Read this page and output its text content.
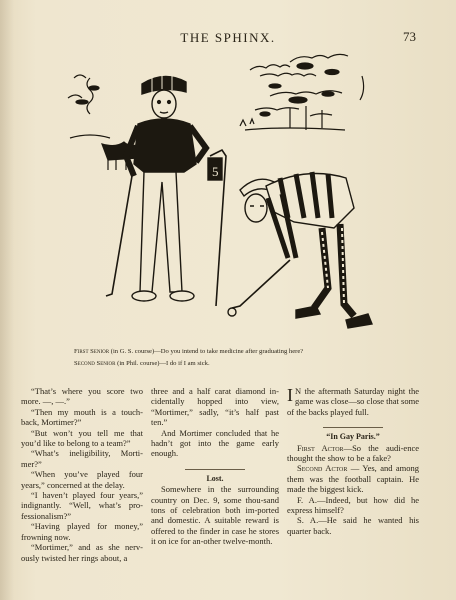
THE SPHINX.	73
5
First Senior (in G. S. course)—Do you intend to take medicine after graduating here?
Second Senior (in Phil. course)—I do if I am sick.

“That’s where you score two more. —, —.”

“Then my mouth is a touch-back, Mortimer?”

“But won’t you tell me that you’d like to belong to a team?”

“What’s ineligibility, Morti-mer?”

“When you’ve played four years,” concerned at the delay.

“I haven’t played four years,” indignantly. “Well, what’s pro-fessionalism?”

“Having played for money,” frowning now.

“Mortimer,” and as she nerv-ously twisted her rings about, a

three and a half carat diamond in-cidentally hopped into view, “Mortimer,” sadly, “it’s half past ten.”

And Mortimer concluded that he hadn’t got into the game early enough.

Lost.

Somewhere in the surrounding country on Dec. 9, some thou-sand tons of celebration both im-ported and domestic. A suitable reward is offered to the finder in case he stores it on ice for an-other twelve-month.

I N the aftermath Saturday night the game was close—so close that some of the backs played full.

“In Gay Paris.”

First Actor—So the audi-ence thought the show to be a fake?

Second Actor — Yes, and among them was the football captain. He made the biggest kick.

F. A.—Indeed, but how did he express himself?

S. A.—He said he wanted his quarter back.
